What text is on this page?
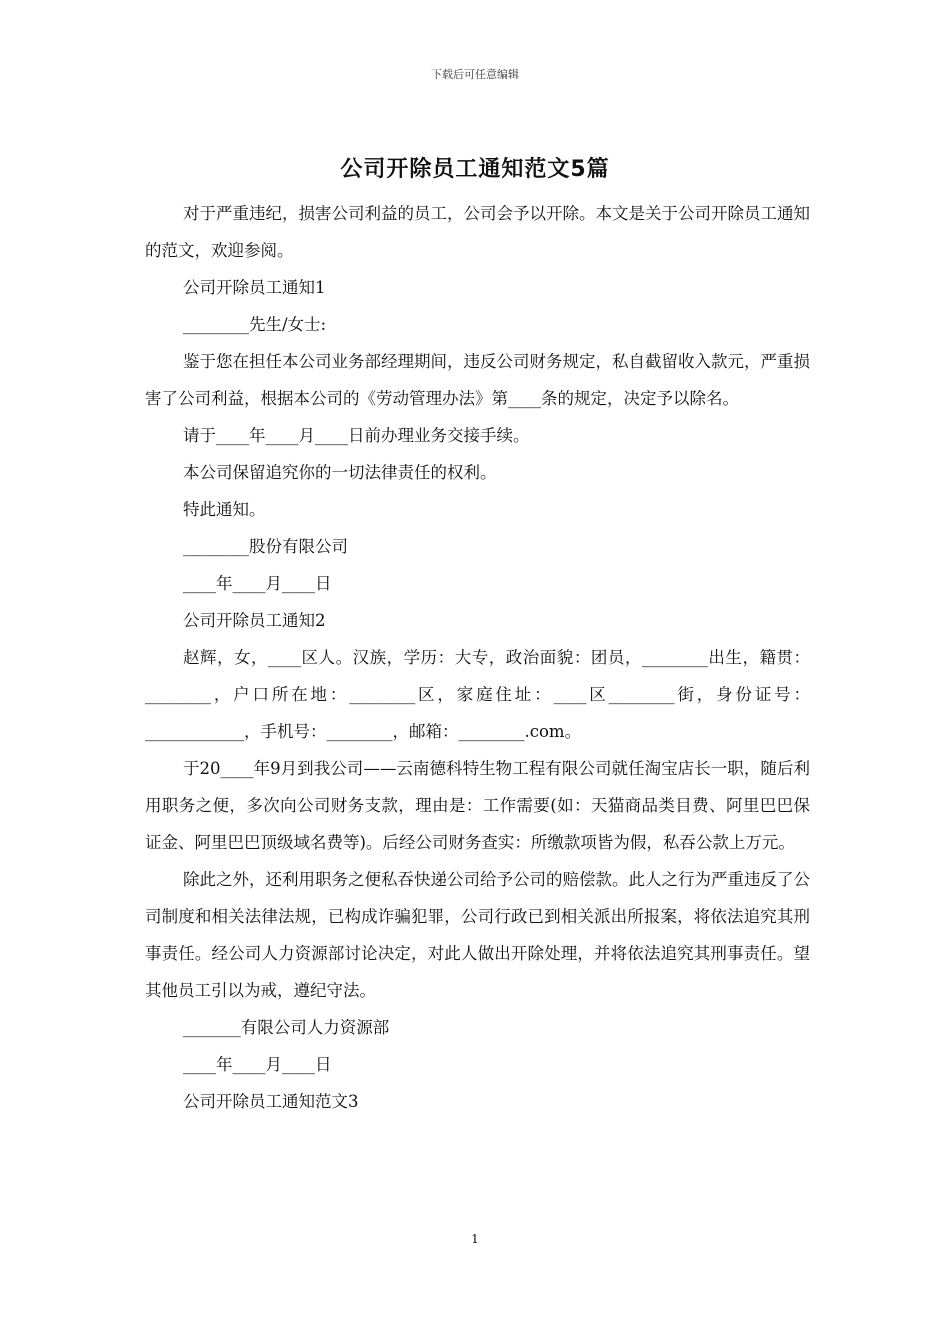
下载后可任意编辑
公司开除员工通知范文5篇

对于严重违纪，损害公司利益的员工，公司会予以开除。本文是关于公司开除员工通知的范文，欢迎参阅。

公司开除员工通知1

________先生/女士:

鉴于您在担任本公司业务部经理期间，违反公司财务规定，私自截留收入款元，严重损害了公司利益，根据本公司的《劳动管理办法》第____条的规定，决定予以除名。

请于____年____月____日前办理业务交接手续。

本公司保留追究你的一切法律责任的权利。

特此通知。

________股份有限公司

____年____月____日

公司开除员工通知2

赵辉，女，____区人。汉族，学历：大专，政治面貌：团员，________出生，籍贯：________，户口所在地：________区，家庭住址：____区________街，身份证号：____________，手机号：________，邮箱：________.com。

于20____年9月到我公司——云南德科特生物工程有限公司就任淘宝店长一职，随后利用职务之便，多次向公司财务支款，理由是：工作需要(如：天猫商品类目费、阿里巴巴保证金、阿里巴巴顶级域名费等)。后经公司财务查实：所缴款项皆为假，私吞公款上万元。

除此之外，还利用职务之便私吞快递公司给予公司的赔偿款。此人之行为严重违反了公司制度和相关法律法规，已构成诈骗犯罪，公司行政已到相关派出所报案，将依法追究其刑事责任。经公司人力资源部讨论决定，对此人做出开除处理，并将依法追究其刑事责任。望其他员工引以为戒，遵纪守法。

_______有限公司人力资源部

____年____月____日

公司开除员工通知范文3

1
